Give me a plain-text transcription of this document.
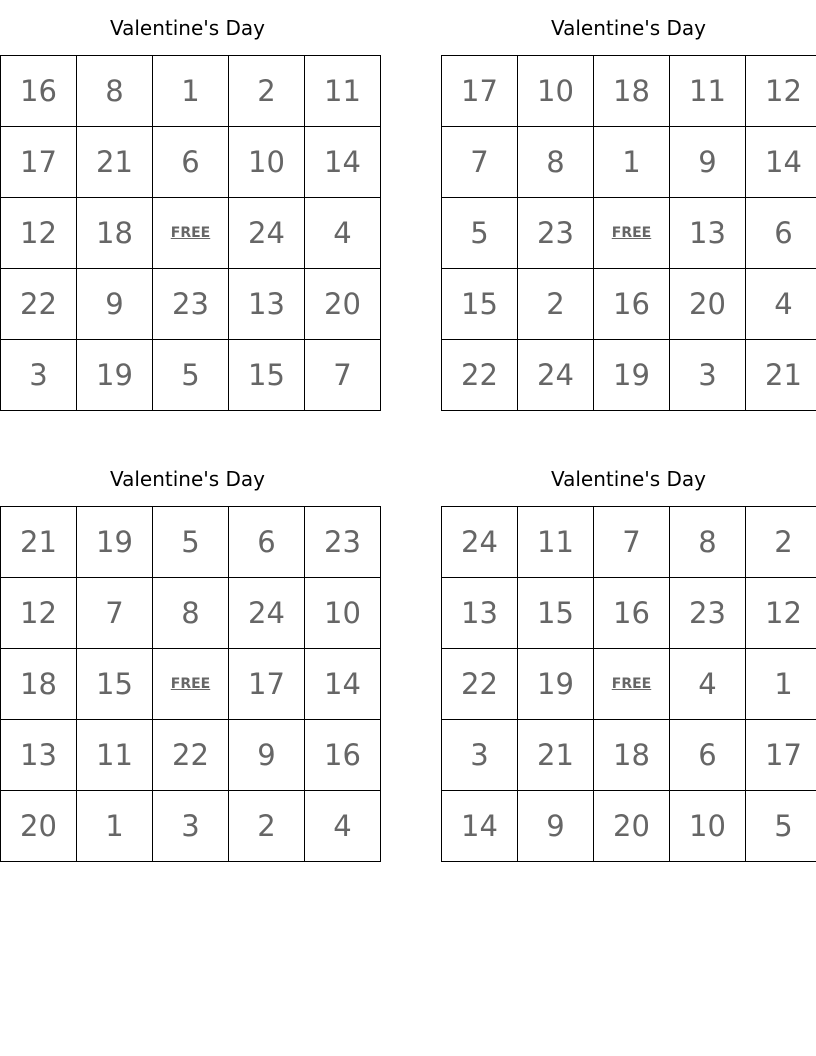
Valentine's Day
16	8	1	2	11
17	21	6	10	14
12	18	FREE	24	4
22	9	23	13	20
3	19	5	15	7
Valentine's Day
17	10	18	11	12
7	8	1	9	14
5	23	FREE	13	6
15	2	16	20	4
22	24	19	3	21
Valentine's Day
21	19	5	6	23
12	7	8	24	10
18	15	FREE	17	14
13	11	22	9	16
20	1	3	2	4
Valentine's Day
24	11	7	8	2
13	15	16	23	12
22	19	FREE	4	1
3	21	18	6	17
14	9	20	10	5
